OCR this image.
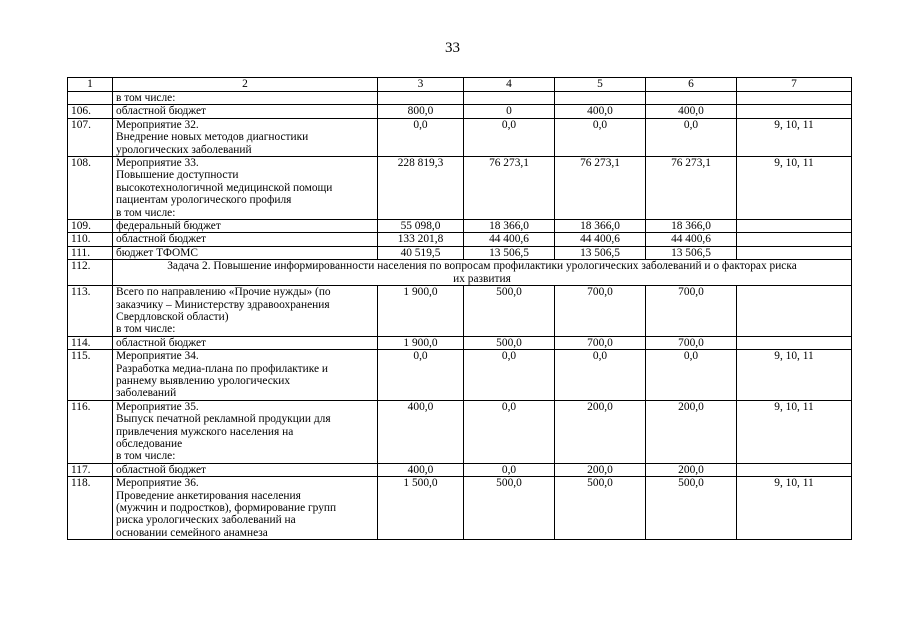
33
1	2	3	4	5	6	7

	в том числе:					

106.	областной бюджет	800,0	0	400,0	400,0	
107.	Мероприятие 32.
Внедрение новых методов диагностики
урологических заболеваний	0,0	0,0	0,0	0,0	9, 10, 11
108.	Мероприятие 33.
Повышение доступности
высокотехнологичной медицинской помощи
пациентам урологического профиля
в том числе:	228 819,3	76 273,1	76 273,1	76 273,1	9, 10, 11
109.	федеральный бюджет	55 098,0	18 366,0	18 366,0	18 366,0	
110.	областной бюджет	133 201,8	44 400,6	44 400,6	44 400,6	
111.	бюджет ТФОМС	40 519,5	13 506,5	13 506,5	13 506,5	
112.	Задача 2. Повышение информированности населения по вопросам профилактики урологических заболеваний и о факторах риска
их развития					

113.	Всего по направлению «Прочие нужды» (по
заказчику – Министерству здравоохранения
Свердловской области)
в том числе:	1 900,0	500,0	700,0	700,0	
114.	областной бюджет	1 900,0	500,0	700,0	700,0	
115.	Мероприятие 34.
Разработка медиа-плана по профилактике и
раннему выявлению урологических
заболеваний	0,0	0,0	0,0	0,0	9, 10, 11
116.	Мероприятие 35.
Выпуск печатной рекламной продукции для
привлечения мужского населения на
обследование
в том числе:	400,0	0,0	200,0	200,0	9, 10, 11
117.	областной бюджет	400,0	0,0	200,0	200,0	
118.	Мероприятие 36.
Проведение анкетирования населения
(мужчин и подростков), формирование групп
риска урологических заболеваний на
основании семейного анамнеза	1 500,0	500,0	500,0	500,0	9, 10, 11
